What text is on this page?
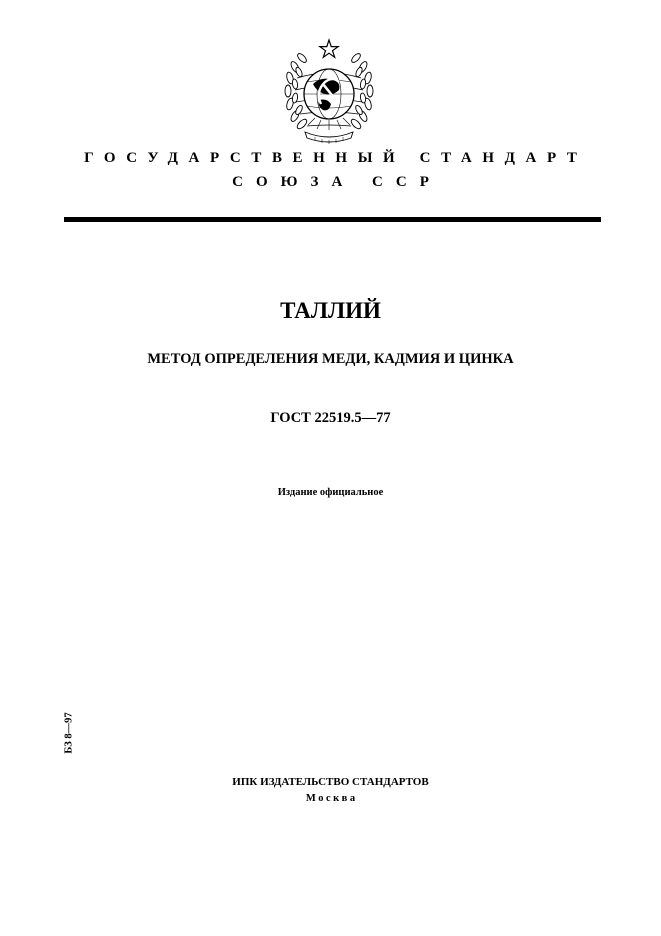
ГОСУДАРСТВЕННЫЙ СТАНДАРТ
СОЮЗА ССР
ТАЛЛИЙ
МЕТОД ОПРЕДЕЛЕНИЯ МЕДИ, КАДМИЯ И ЦИНКА
ГОСТ 22519.5—77
Издание официальное
БЗ 8—97
ИПК ИЗДАТЕЛЬСТВО СТАНДАРТОВ
Москва
